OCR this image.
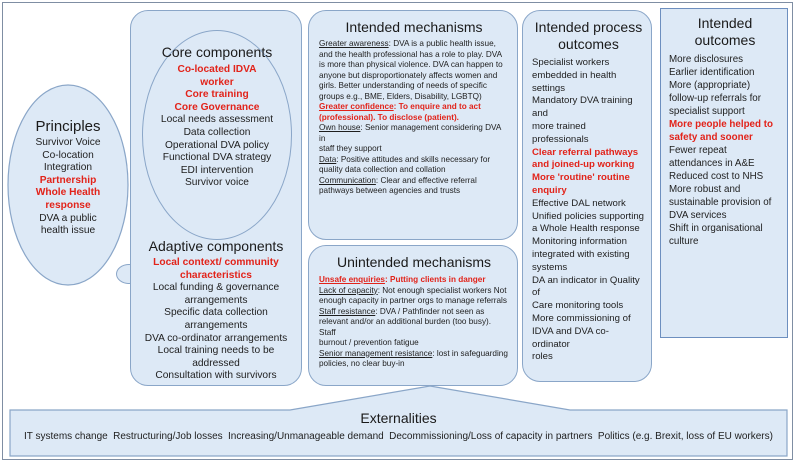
Principles
Survivor Voice
Co-location
Integration
Partnership
Whole Health
response
DVA a public
health issue
Core components
Co-located IDVA
worker
Core training
Core Governance
Local needs assessment
Data collection
Operational DVA policy
Functional DVA strategy
EDI intervention
Survivor voice
Adaptive components
Local context/ community
characteristics
Local funding & governance
arrangements
Specific data collection arrangements
DVA co-ordinator arrangements
Local training needs to be addressed
Consultation with survivors
Intended mechanisms
Greater awareness: DVA is a public health issue,
and the health professional has a role to play. DVA
is more than physical violence. DVA can happen to
anyone but disproportionately affects women and
girls. Better understanding of needs of specific
groups e.g., BME, Elders, Disability, LGBTQ)
Greater confidence: To enquire and to act
(professional). To disclose (patient).
Own house: Senior management considering DVA in
staff they support
Data: Positive attitudes and skills necessary for
quality data collection and collation
Communication: Clear and effective referral
pathways between agencies and trusts
Unintended mechanisms
Unsafe enquiries: Putting clients in danger
Lack of capacity: Not enough specialist workers Not
enough capacity in partner orgs to manage referrals
Staff resistance: DVA / Pathfinder not seen as
relevant and/or an additional burden (too busy). Staff
burnout / prevention fatigue
Senior management resistance: lost in safeguarding
policies, no clear buy-in
Intended process
outcomes
Specialist workers
embedded in health
settings
Mandatory DVA training and
more trained professionals
Clear referral pathways
and joined-up working
More 'routine' routine
enquiry
Effective DAL network
Unified policies supporting
a Whole Health response
Monitoring information
integrated with existing
systems
DA an indicator in Quality of
Care monitoring tools
More commissioning of
IDVA and DVA co-ordinator
roles
Intended
outcomes
More disclosures
Earlier identification
More (appropriate)
follow-up referrals for
specialist support
More people helped to
safety and sooner
Fewer repeat
attendances in A&E
Reduced cost to NHS
More robust and
sustainable provision of
DVA services
Shift in organisational
culture
Externalities
IT systems change Restructuring/Job losses Increasing/Unmanageable demand Decommissioning/Loss of capacity in partners Politics (e.g. Brexit, loss of EU workers)
